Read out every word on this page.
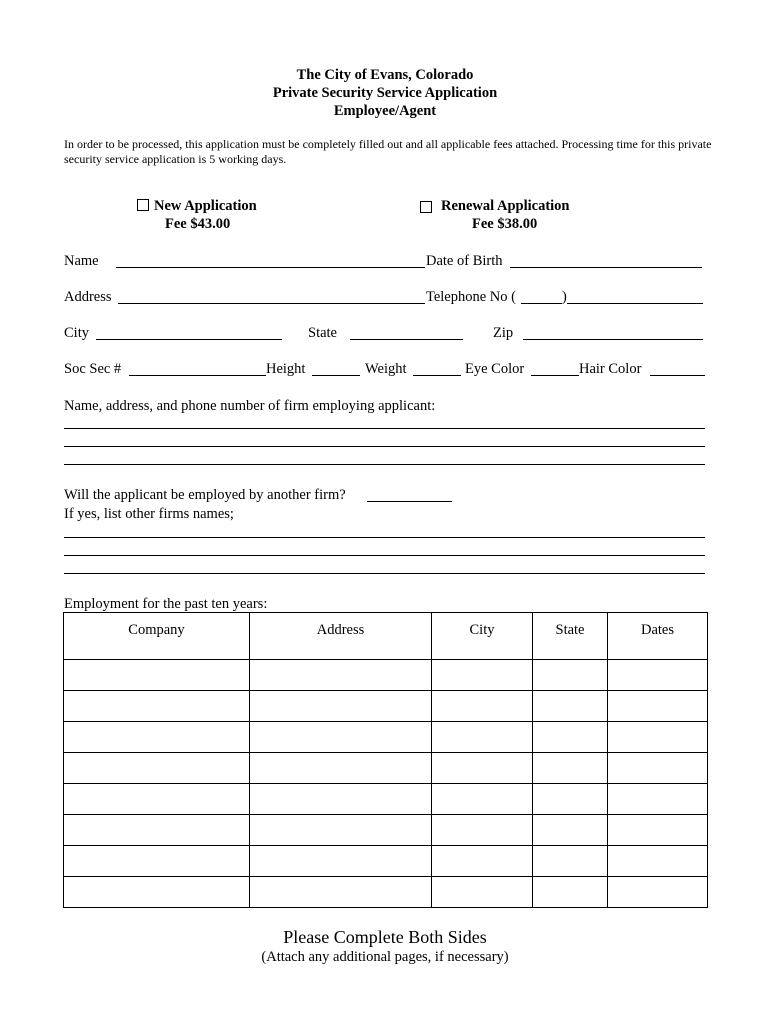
The City of Evans, Colorado
Private Security Service Application
Employee/Agent
In order to be processed, this application must be completely filled out and all applicable fees attached. Processing time for this private security service application is 5 working days.
New Application
Fee $43.00
Renewal Application
Fee $38.00
Name	Date of Birth
Address	Telephone No (	)
City	State	Zip
Soc Sec #	Height	Weight	Eye Color	Hair Color
Name, address, and phone number of firm employing applicant:
Will the applicant be employed by another firm?
If yes, list other firms names;
Employment for the past ten years:
Company	Address	City	State	Dates

Please Complete Both Sides
(Attach any additional pages, if necessary)
